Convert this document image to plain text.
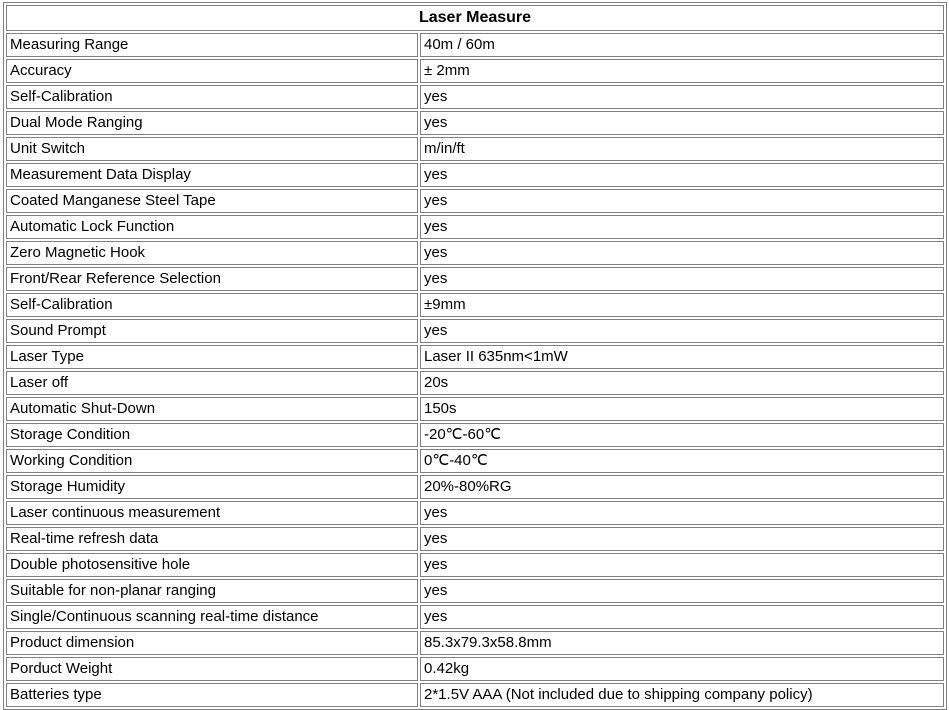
Laser Measure	
Measuring Range	40m / 60m
Accuracy	± 2mm
Self-Calibration	yes
Dual Mode Ranging	yes
Unit Switch	m/in/ft
Measurement Data Display	yes
Coated Manganese Steel Tape	yes
Automatic Lock Function	yes
Zero Magnetic Hook	yes
Front/Rear Reference Selection	yes
Self-Calibration	±9mm
Sound Prompt	yes
Laser Type	Laser II 635nm<1mW
Laser off	20s
Automatic Shut-Down	150s
Storage Condition	-20℃-60℃
Working Condition	0℃-40℃
Storage Humidity	20%-80%RG
Laser continuous measurement	yes
Real-time refresh data	yes
Double photosensitive hole	yes
Suitable for non-planar ranging	yes
Single/Continuous scanning real-time distance	yes
Product dimension	85.3x79.3x58.8mm
Porduct Weight	0.42kg
Batteries type	2*1.5V AAA (Not included due to shipping company policy)
